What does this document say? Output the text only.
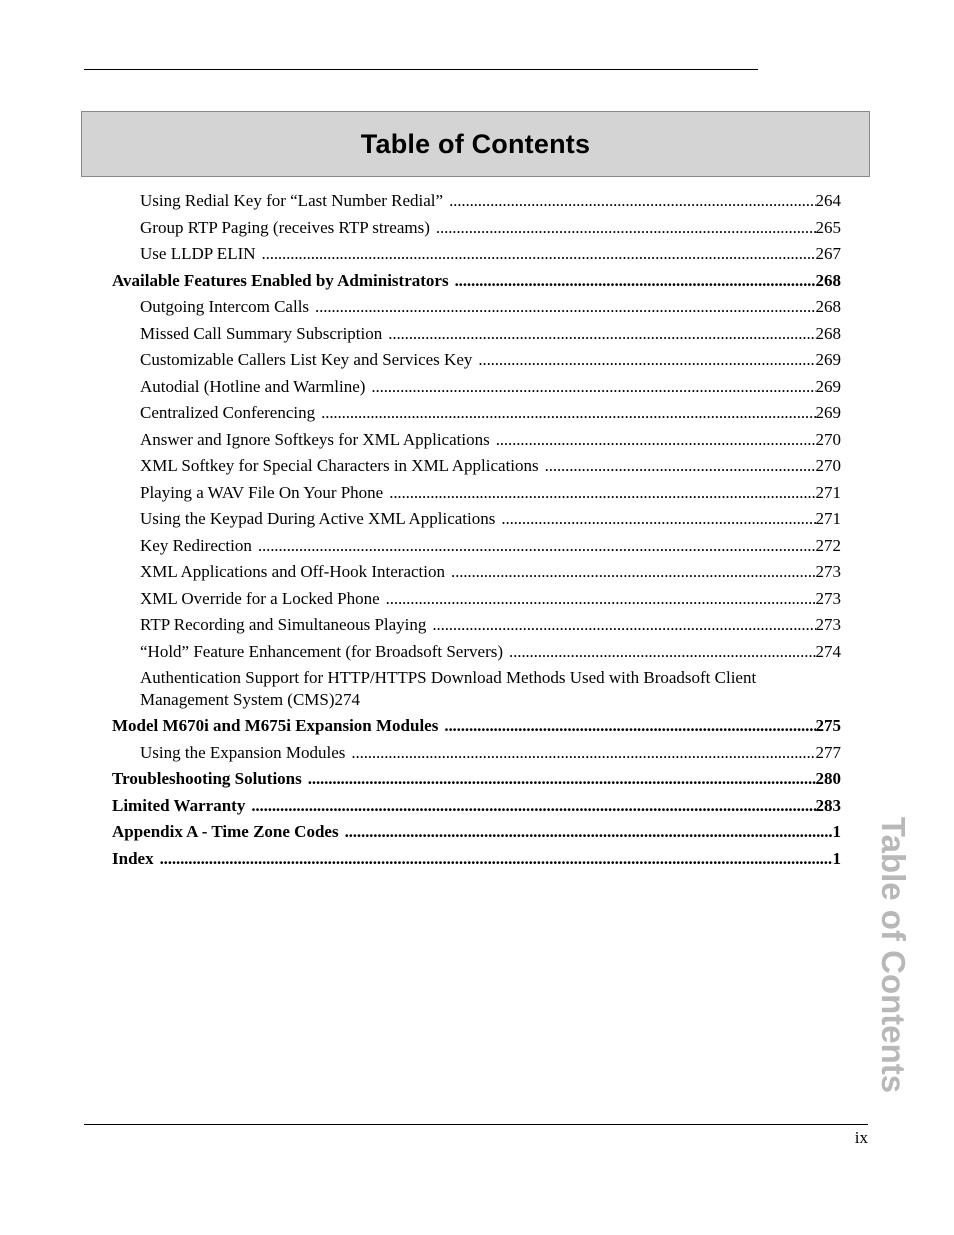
Table of Contents
Using Redial Key for “Last Number Redial” . . .	264
Group RTP Paging (receives RTP streams) . . .	265
Use LLDP ELIN . . .	267
Available Features Enabled by Administrators . . .	268
Outgoing Intercom Calls . . .	268
Missed Call Summary Subscription . . .	268
Customizable Callers List Key and Services Key . . .	269
Autodial (Hotline and Warmline) . . .	269
Centralized Conferencing . . .	269
Answer and Ignore Softkeys for XML Applications . . .	270
XML Softkey for Special Characters in XML Applications . . .	270
Playing a WAV File On Your Phone . . .	271
Using the Keypad During Active XML Applications . . .	271
Key Redirection . . .	272
XML Applications and Off-Hook Interaction . . .	273
XML Override for a Locked Phone . . .	273
RTP Recording and Simultaneous Playing . . .	273
“Hold” Feature Enhancement (for Broadsoft Servers) . . .	274
Authentication Support for HTTP/HTTPS Download Methods Used with Broadsoft Client
Management System (CMS) 274
Model M670i and M675i Expansion Modules . . .	275
Using the Expansion Modules . . .	277
Troubleshooting Solutions . . .	280
Limited Warranty . . .	283
Appendix A - Time Zone Codes . . .	1
Index . . .	1 Table of Contents
ix
